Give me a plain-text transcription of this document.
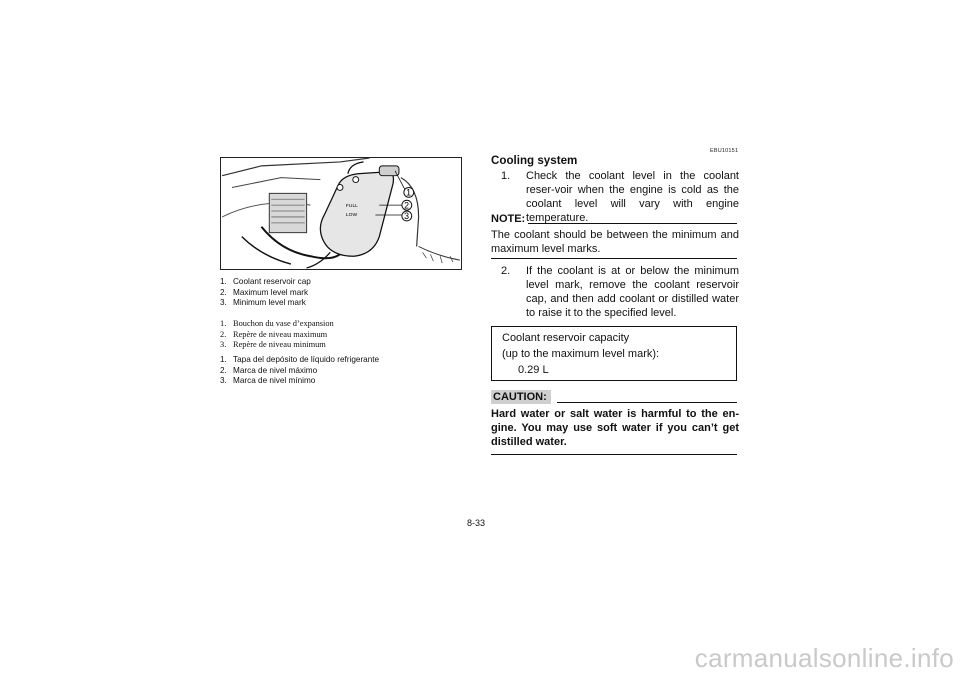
FULL
LOW
1
2
3
1. Coolant reservoir cap
2. Maximum level mark
3. Minimum level mark
1. Bouchon du vase d’expansion
2. Repère de niveau maximum
3. Repère de niveau minimum
1. Tapa del depósito de líquido refrigerante
2. Marca de nivel máximo
3. Marca de nivel mínimo
EBU10151
Cooling system
1.	Check the coolant level in the coolant reser-voir when the engine is cold as the coolant level will vary with engine temperature.
NOTE:
The coolant should be between the minimum and maximum level marks.
2.	If the coolant is at or below the minimum level mark, remove the coolant reservoir cap, and then add coolant or distilled water to raise it to the specified level.
Coolant reservoir capacity
(up to the maximum level mark):
0.29 L
CAUTION:
Hard water or salt water is harmful to the en-gine. You may use soft water if you can’t get distilled water.
8-33
carmanualsonline.info
